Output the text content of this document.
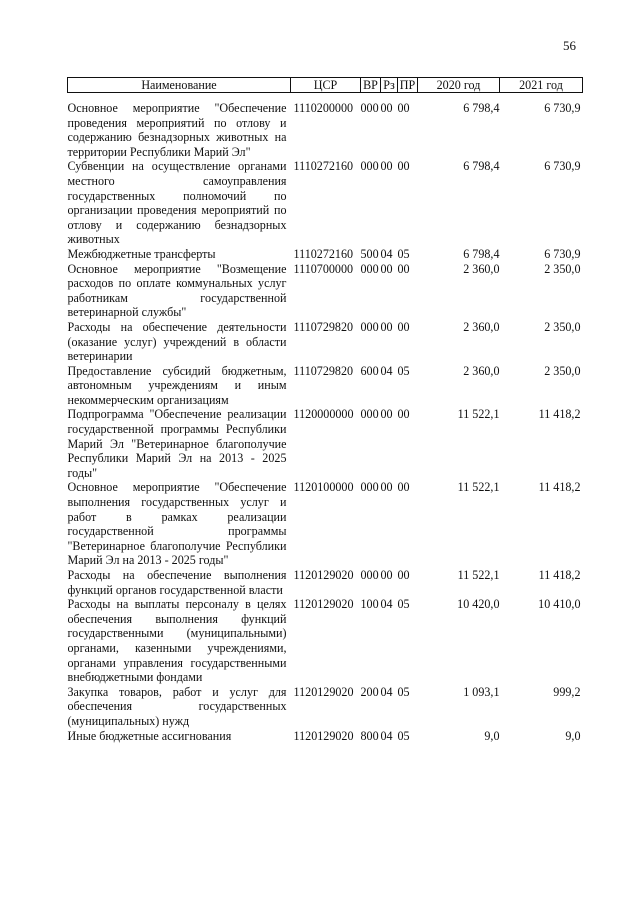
56
Наименование	ЦСР	ВР	Рз	ПР	2020 год	2021 год
Основное мероприятие "Обеспечение проведения мероприятий по отлову и содержанию безнадзорных животных на территории Республики Марий Эл"	1110200000	000	00	00	6 798,4	6 730,9
Субвенции на осуществление органами местного самоуправления государственных полномочий по организации проведения мероприятий по отлову и содержанию безнадзорных животных	1110272160	000	00	00	6 798,4	6 730,9
Межбюджетные трансферты	1110272160	500	04	05	6 798,4	6 730,9
Основное мероприятие "Возмещение расходов по оплате коммунальных услуг работникам государственной ветеринарной службы"	1110700000	000	00	00	2 360,0	2 350,0
Расходы на обеспечение деятельности (оказание услуг) учреждений в области ветеринарии	1110729820	000	00	00	2 360,0	2 350,0
Предоставление субсидий бюджетным, автономным учреждениям и иным некоммерческим организациям	1110729820	600	04	05	2 360,0	2 350,0
Подпрограмма "Обеспечение реализации государственной программы Республики Марий Эл "Ветеринарное благополучие Республики Марий Эл на 2013 - 2025 годы"	1120000000	000	00	00	11 522,1	11 418,2
Основное мероприятие "Обеспечение выполнения государственных услуг и работ в рамках реализации государственной программы "Ветеринарное благополучие Республики Марий Эл на 2013 - 2025 годы"	1120100000	000	00	00	11 522,1	11 418,2
Расходы на обеспечение выполнения функций органов государственной власти	1120129020	000	00	00	11 522,1	11 418,2
Расходы на выплаты персоналу в целях обеспечения выполнения функций государственными (муниципальными) органами, казенными учреждениями, органами управления государственными внебюджетными фондами	1120129020	100	04	05	10 420,0	10 410,0
Закупка товаров, работ и услуг для обеспечения государственных (муниципальных) нужд	1120129020	200	04	05	1 093,1	999,2
Иные бюджетные ассигнования	1120129020	800	04	05	9,0	9,0
